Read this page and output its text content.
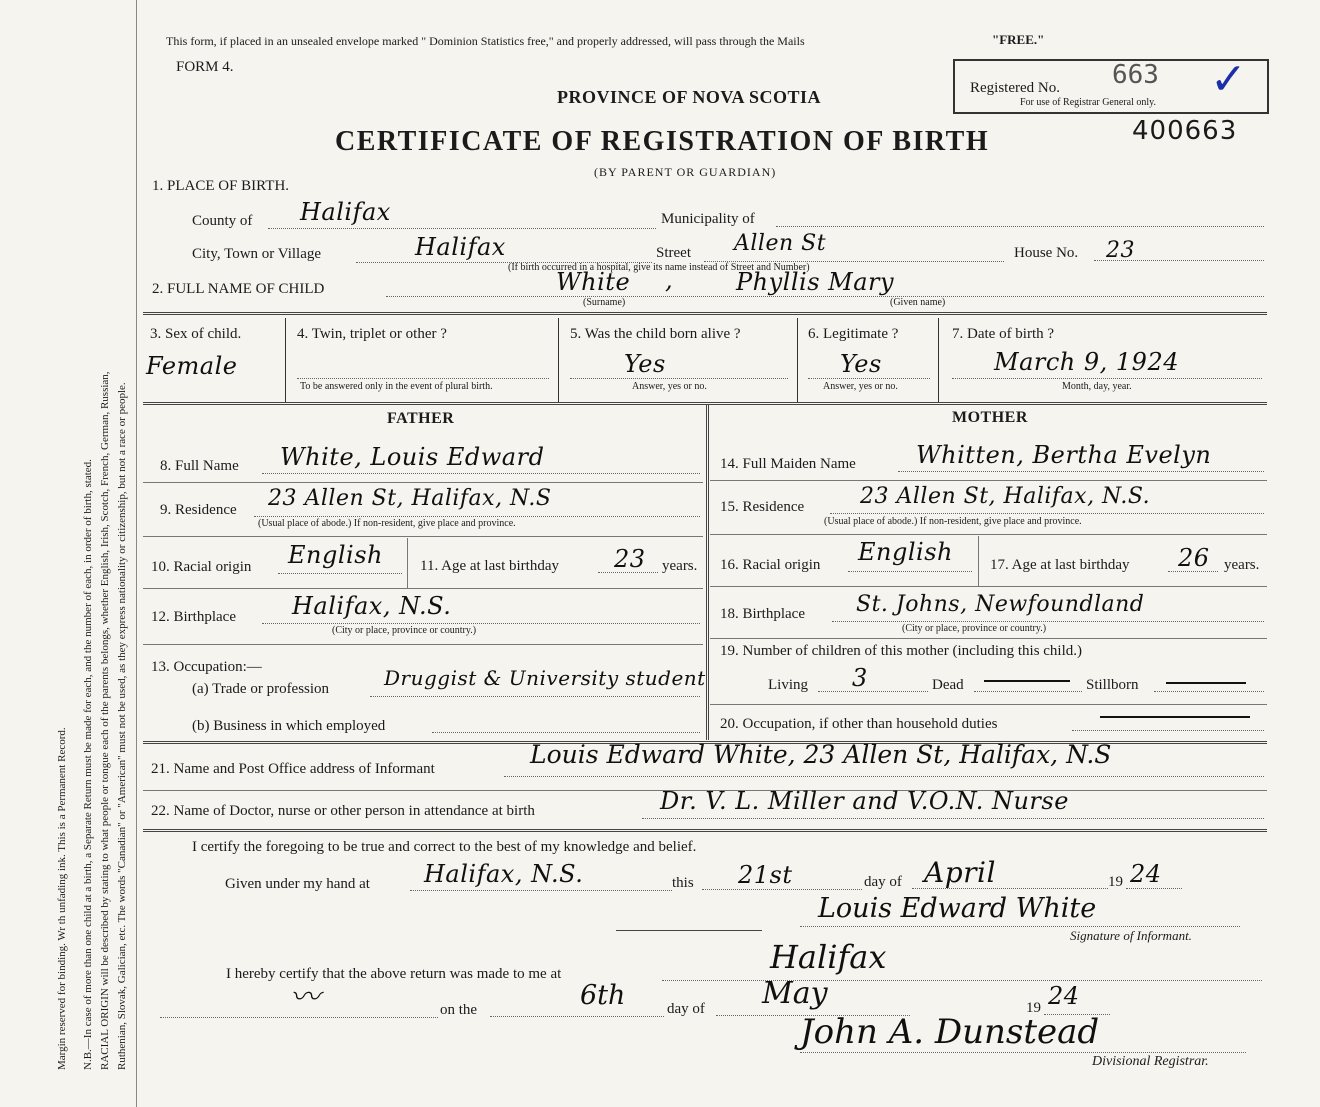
Margin reserved for binding. Wr th unfading ink. This is a Permanent Record. N.B.—In case of more than one child at a birth, a Separate Return must be made for each, and the number of each, in order of birth, stated. RACIAL ORIGIN will be described by stating to what people or tongue each of the parents belongs, whether English, Irish, Scotch, French, German, Russian, Ruthenian, Slovak, Galician, etc. The words "Canadian" or "American" must not be used, as they express nationality or citizenship, but not a race or people.
This form, if placed in an unsealed envelope marked " Dominion Statistics free," and properly addressed, will pass through the Mails	"FREE."
FORM 4.
PROVINCE OF NOVA SCOTIA
CERTIFICATE OF REGISTRATION OF BIRTH
(BY PARENT OR GUARDIAN)
Registered No.
For use of Registrar General only.
663 ✓
400663
1. PLACE OF BIRTH.
County of Halifax	Municipality of
City, Town or Village	Halifax	Street Allen St	House No. 23
(If birth occurred in a hospital, give its name instead of Street and Number)
2. FULL NAME OF CHILD	White ,	Phyllis Mary
(Surname)	(Given name)
3. Sex of child.
Female
4. Twin, triplet or other ?
To be answered only in the event of plural birth.
5. Was the child born alive ?
Yes
Answer, yes or no.
6. Legitimate ?
Yes
Answer, yes or no.
7. Date of birth ?
March 9, 1924
Month, day, year.
FATHER	MOTHER
8. Full Name White, Louis Edward
9. Residence 23 Allen St, Halifax, N.S
(Usual place of abode.) If non-resident, give place and province.
10. Racial origin English 11. Age at last birthday 23 years.
12. Birthplace Halifax, N.S.
(City or place, province or country.)
13. Occupation:—
(a) Trade or profession	Druggist & University student
(b) Business in which employed
14. Full Maiden Name	Whitten, Bertha Evelyn
15. Residence	23 Allen St, Halifax, N.S.
(Usual place of abode.) If non-resident, give place and province.
16. Racial origin English 17. Age at last birthday 26 years.
18. Birthplace St. Johns, Newfoundland
(City or place, province or country.)
19. Number of children of this mother (including this child.)
Living 3	Dead	Stillborn
20. Occupation, if other than household duties
21. Name and Post Office address of Informant	Louis Edward White, 23 Allen St, Halifax, N.S
22. Name of Doctor, nurse or other person in attendance at birth	Dr. V. L. Miller and V.O.N. Nurse
I certify the foregoing to be true and correct to the best of my knowledge and belief.
Given under my hand at Halifax, N.S.	this 21st	day of April	19 24
Louis Edward White
Signature of Informant.
I hereby certify that the above return was made to me at	Halifax
〰	on the	6th	day of May	19 24
John A. Dunstead
Divisional Registrar.
